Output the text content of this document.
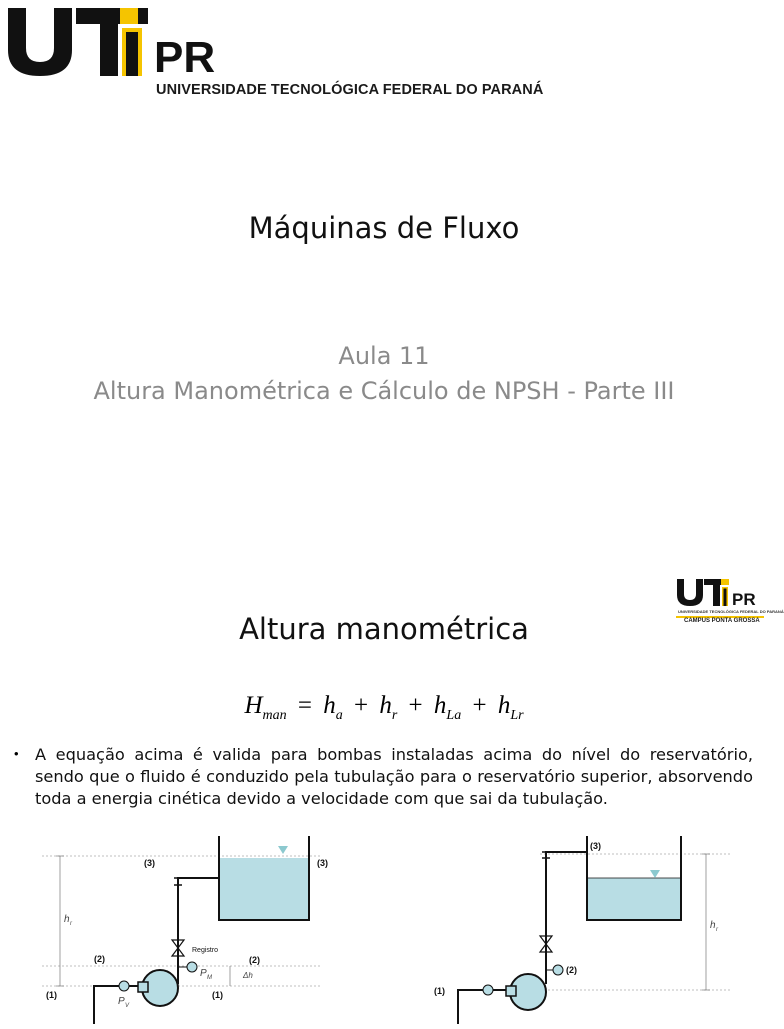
PR
UNIVERSIDADE TECNOLÓGICA FEDERAL DO PARANÁ
Máquinas de Fluxo
Aula 11
Altura Manométrica e Cálculo de NPSH - Parte III
PR
UNIVERSIDADE TECNOLÓGICA FEDERAL DO PARANÁ
CAMPUS PONTA GROSSA
Altura manométrica
$H_{man} = h_a + h_r + h_{La} + h_{Lr}$
• A equação acima é valida para bombas instaladas acima do nível do reservatório, sendo que o fluido é conduzido pela tubulação para o reservatório superior, absorvendo toda a energia cinética devido a velocidade com que sai da tubulação.
h r
Registro
P M	Δh
P V
(3)	(3)
(2)	(2)
(1)	(1)
h r
(3)
(2)
(1)
